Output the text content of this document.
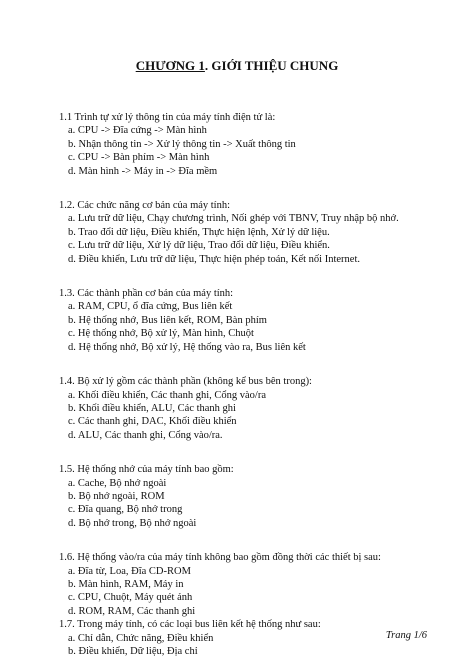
CHƯƠNG 1. GIỚI THIỆU CHUNG
1.1 Trình tự xử lý thông tin của máy tính điện tử là:
a. CPU -> Đĩa cứng -> Màn hình
b. Nhận thông tin -> Xử lý thông tin -> Xuất thông tin
c. CPU -> Bàn phím -> Màn hình
d. Màn hình -> Máy in -> Đĩa mềm
1.2. Các chức năng cơ bản của máy tính:
a. Lưu trữ dữ liệu, Chạy chương trình, Nối ghép với TBNV, Truy nhập bộ nhớ.
b. Trao đổi dữ liệu, Điều khiển, Thực hiện lệnh, Xử lý dữ liệu.
c. Lưu trữ dữ liệu, Xử lý dữ liệu, Trao đổi dữ liệu, Điều khiển.
d. Điều khiển, Lưu trữ dữ liệu, Thực hiện phép toán, Kết nối Internet.
1.3. Các thành phần cơ bản của máy tính:
a. RAM, CPU, ổ đĩa cứng, Bus liên kết
b. Hệ thống nhớ, Bus liên kết, ROM, Bàn phím
c. Hệ thống nhớ, Bộ xử lý, Màn hình, Chuột
d. Hệ thống nhớ, Bộ xử lý, Hệ thống vào ra, Bus liên kết
1.4. Bộ xử lý gồm các thành phần (không kể bus bên trong):
a. Khối điều khiển, Các thanh ghi, Cổng vào/ra
b. Khối điều khiển, ALU, Các thanh ghi
c. Các thanh ghi, DAC, Khối điều khiển
d. ALU, Các thanh ghi, Cổng vào/ra.
1.5. Hệ thống nhớ của máy tính bao gồm:
a. Cache, Bộ nhớ ngoài
b. Bộ nhớ ngoài, ROM
c. Đĩa quang, Bộ nhớ trong
d. Bộ nhớ trong, Bộ nhớ ngoài
1.6. Hệ thống vào/ra của máy tính không bao gồm đồng thời các thiết bị sau:
a. Đĩa từ, Loa, Đĩa CD-ROM
b. Màn hình, RAM, Máy in
c. CPU, Chuột, Máy quét ảnh
d. ROM, RAM, Các thanh ghi
1.7. Trong máy tính, có các loại bus liên kết hệ thống như sau:
a. Chỉ dẫn, Chức năng, Điều khiển
b. Điều khiển, Dữ liệu, Địa chỉ
Trang 1/6
